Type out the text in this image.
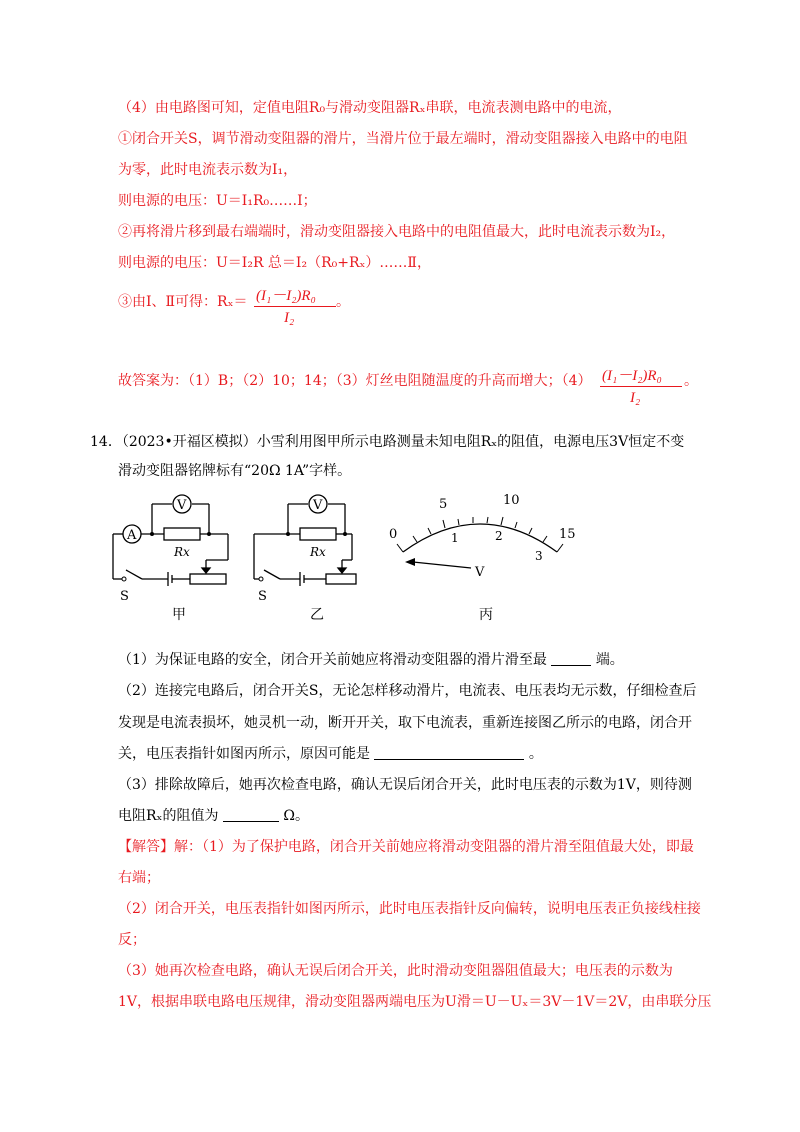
（4）由电路图可知，定值电阻R₀与滑动变阻器Rₓ串联，电流表测电路中的电流，
①闭合开关S，调节滑动变阻器的滑片，当滑片位于最左端时，滑动变阻器接入电路中的电阻
为零，此时电流表示数为I₁，
则电源的电压：U＝I₁R₀……Ⅰ；
②再将滑片移到最右端端时，滑动变阻器接入电路中的电阻值最大，此时电流表示数为I₂，
则电源的电压：U＝I₂R 总＝I₂（R₀+Rₓ）……Ⅱ，
③由Ⅰ、Ⅱ可得：Rₓ＝ (I₁－I₂)R₀
I₂
。
故答案为：（1）B；（2）10；14；（3）灯丝电阻随温度的升高而增大；（4） (I₁－I₂)R₀
I₂
。
14．（2023•开福区模拟）小雪利用图甲所示电路测量未知电阻Rₓ的阻值，电源电压3V恒定不变
滑动变阻器铭牌标有“20Ω 1A”字样。
A
V
Rx
S
甲
V
Rx
S
乙
0
5	10
15
1	2
3
V
丙
（1）为保证电路的安全，闭合开关前她应将滑动变阻器的滑片滑至最	端。
（2）连接完电路后，闭合开关S，无论怎样移动滑片，电流表、电压表均无示数，仔细检查后
发现是电流表损坏，她灵机一动，断开开关，取下电流表，重新连接图乙所示的电路，闭合开
关，电压表指针如图丙所示，原因可能是	。
（3）排除故障后，她再次检查电路，确认无误后闭合开关，此时电压表的示数为1V，则待测
电阻Rₓ的阻值为	Ω。
【解答】解：（1）为了保护电路，闭合开关前她应将滑动变阻器的滑片滑至阻值最大处，即最
右端；
（2）闭合开关，电压表指针如图丙所示，此时电压表指针反向偏转，说明电压表正负接线柱接
反；
（3）她再次检查电路，确认无误后闭合开关，此时滑动变阻器阻值最大；电压表的示数为
1V，根据串联电路电压规律，滑动变阻器两端电压为U滑＝U－Uₓ＝3V－1V＝2V，由串联分压
